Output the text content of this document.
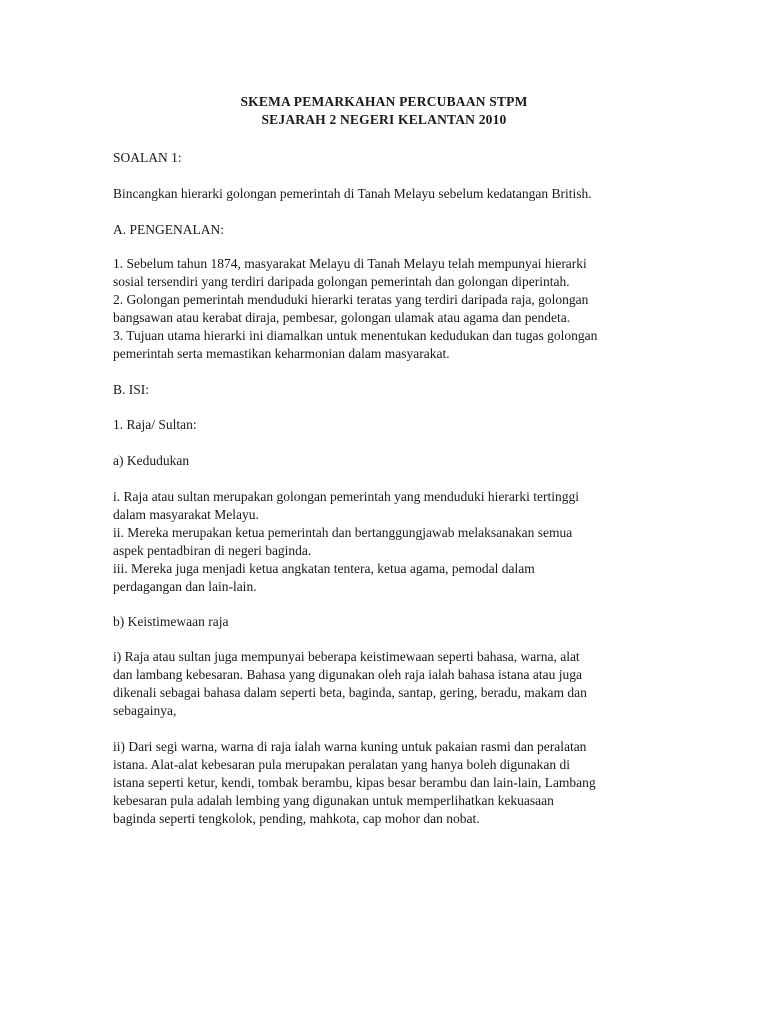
SKEMA PEMARKAHAN PERCUBAAN STPM
SEJARAH 2 NEGERI KELANTAN 2010
SOALAN 1:
Bincangkan hierarki golongan pemerintah di Tanah Melayu sebelum kedatangan British.
A. PENGENALAN:
1. Sebelum tahun 1874, masyarakat Melayu di Tanah Melayu telah mempunyai hierarki
sosial tersendiri yang terdiri daripada golongan pemerintah dan golongan diperintah.
2. Golongan pemerintah menduduki hierarki teratas yang terdiri daripada raja, golongan
bangsawan atau kerabat diraja, pembesar, golongan ulamak atau agama dan pendeta.
3. Tujuan utama hierarki ini diamalkan untuk menentukan kedudukan dan tugas golongan
pemerintah serta memastikan keharmonian dalam masyarakat.
B. ISI:
1. Raja/ Sultan:
a) Kedudukan
i. Raja atau sultan merupakan golongan pemerintah yang menduduki hierarki tertinggi
dalam masyarakat Melayu.
ii. Mereka merupakan ketua pemerintah dan bertanggungjawab melaksanakan semua
aspek pentadbiran di negeri baginda.
iii. Mereka juga menjadi ketua angkatan tentera, ketua agama, pemodal dalam
perdagangan dan lain-lain.
b) Keistimewaan raja
i) Raja atau sultan juga mempunyai beberapa keistimewaan seperti bahasa, warna, alat
dan lambang kebesaran. Bahasa yang digunakan oleh raja ialah bahasa istana atau juga
dikenali sebagai bahasa dalam seperti beta, baginda, santap, gering, beradu, makam dan
sebagainya,
ii) Dari segi warna, warna di raja ialah warna kuning untuk pakaian rasmi dan peralatan
istana. Alat-alat kebesaran pula merupakan peralatan yang hanya boleh digunakan di
istana seperti ketur, kendi, tombak berambu, kipas besar berambu dan lain-lain, Lambang
kebesaran pula adalah lembing yang digunakan untuk memperlihatkan kekuasaan
baginda seperti tengkolok, pending, mahkota, cap mohor dan nobat.
